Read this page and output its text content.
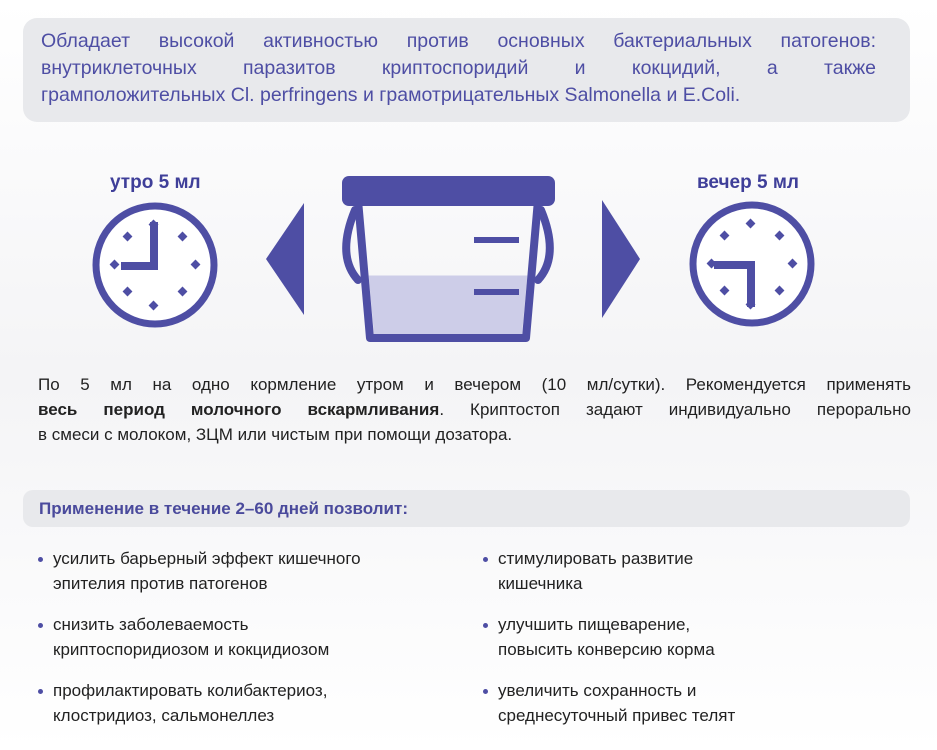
Обладает высокой активностью против основных бактериальных патогенов:
внутриклеточных паразитов криптоспоридий и кокцидий, а также
грамположительных Cl. perfringens и грамотрицательных Salmonella и E.Coli.
утро 5 мл	вечер 5 мл
По 5 мл на одно кормление утром и вечером (10 мл/сутки). Рекомендуется применять
весь период молочного вскармливания. Криптостоп задают индивидуально перорально
в смеси с молоком, ЗЦМ или чистым при помощи дозатора.
Применение в течение 2–60 дней позволит:
усилить барьерный эффект кишечного
эпителия против патогенов
снизить заболеваемость
криптоспоридиозом и кокцидиозом
профилактировать колибактериоз,
клостридиоз, сальмонеллез
стимулировать развитие
кишечника
улучшить пищеварение,
повысить конверсию корма
увеличить сохранность и
среднесуточный привес телят
